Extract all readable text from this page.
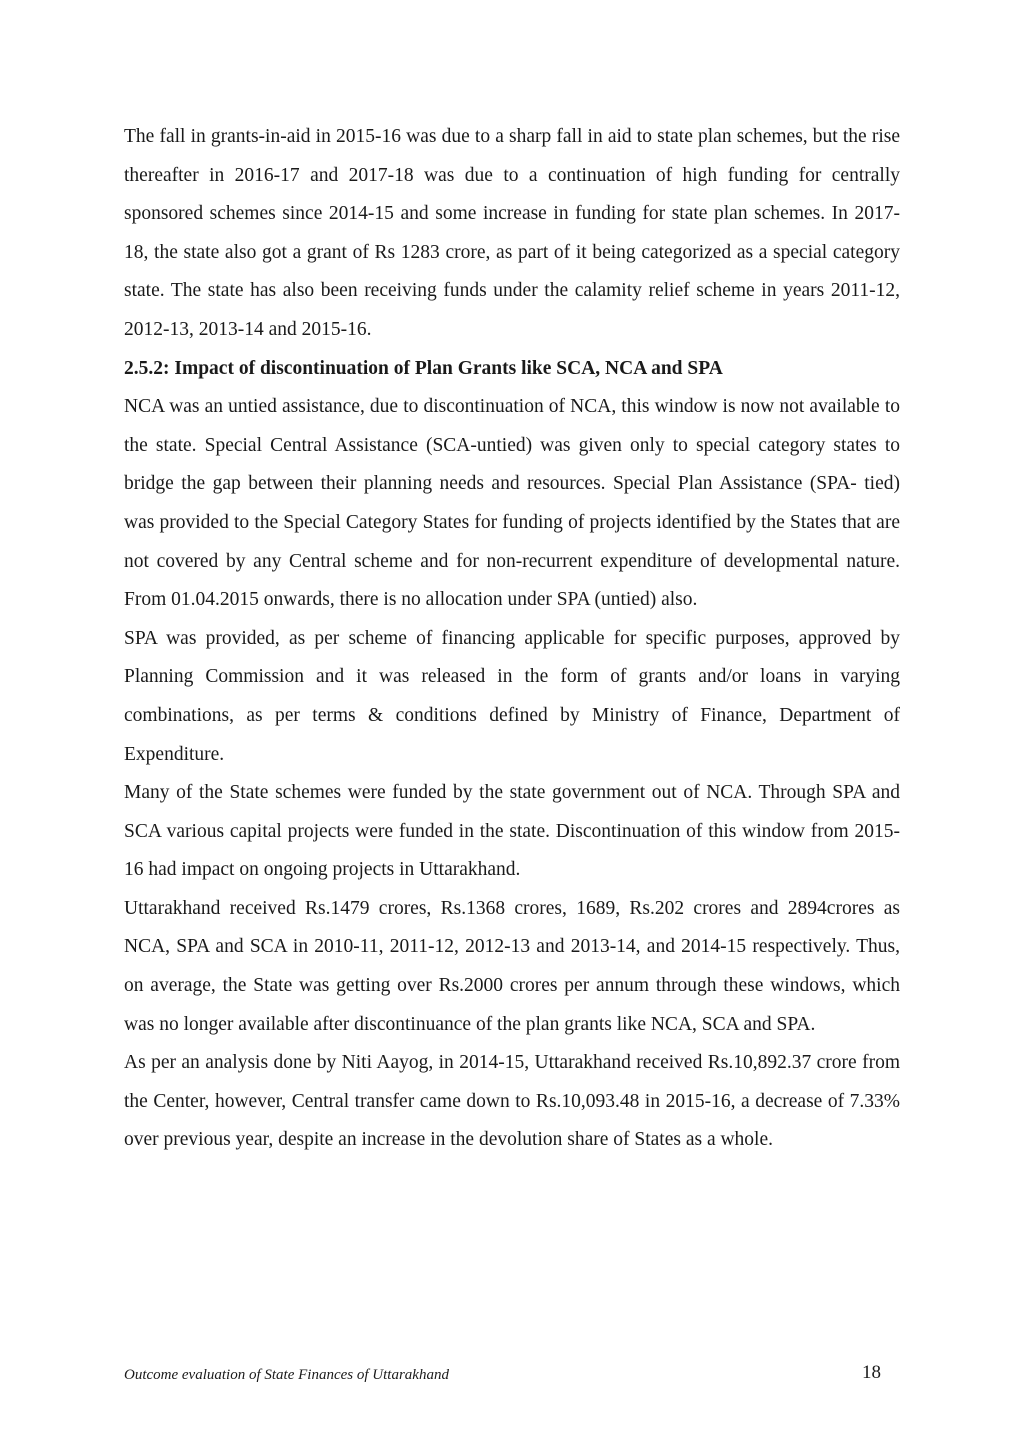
The fall in grants-in-aid in 2015-16 was due to a sharp fall in aid to state plan schemes, but the rise thereafter in 2016-17 and 2017-18 was due to a continuation of high funding for centrally sponsored schemes since 2014-15 and some increase in funding for state plan schemes. In 2017-18, the state also got a grant of Rs 1283 crore, as part of it being categorized as a special category state. The state has also been receiving funds under the calamity relief scheme in years 2011-12, 2012-13, 2013-14 and 2015-16.

2.5.2: Impact of discontinuation of Plan Grants like SCA, NCA and SPA

NCA was an untied assistance, due to discontinuation of NCA, this window is now not available to the state. Special Central Assistance (SCA-untied) was given only to special category states to bridge the gap between their planning needs and resources. Special Plan Assistance (SPA- tied) was provided to the Special Category States for funding of projects identified by the States that are not covered by any Central scheme and for non-recurrent expenditure of developmental nature. From 01.04.2015 onwards, there is no allocation under SPA (untied) also.

SPA was provided, as per scheme of financing applicable for specific purposes, approved by Planning Commission and it was released in the form of grants and/or loans in varying combinations, as per terms & conditions defined by Ministry of Finance, Department of Expenditure.

Many of the State schemes were funded by the state government out of NCA. Through SPA and SCA various capital projects were funded in the state. Discontinuation of this window from 2015-16 had impact on ongoing projects in Uttarakhand.

Uttarakhand received Rs.1479 crores, Rs.1368 crores, 1689, Rs.202 crores and 2894crores as NCA, SPA and SCA in 2010-11, 2011-12, 2012-13 and 2013-14, and 2014-15 respectively. Thus, on average, the State was getting over Rs.2000 crores per annum through these windows, which was no longer available after discontinuance of the plan grants like NCA, SCA and SPA.

As per an analysis done by Niti Aayog, in 2014-15, Uttarakhand received Rs.10,892.37 crore from the Center, however, Central transfer came down to Rs.10,093.48 in 2015-16, a decrease of 7.33% over previous year, despite an increase in the devolution share of States as a whole.

Outcome evaluation of State Finances of Uttarakhand	18
